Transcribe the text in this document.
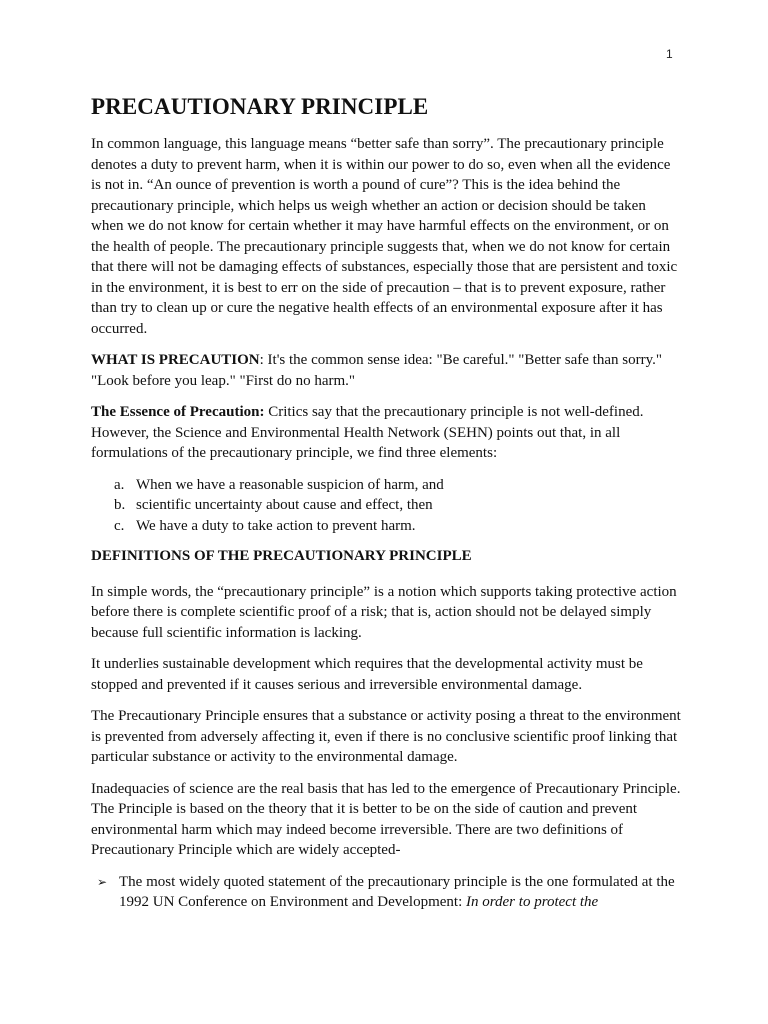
1
PRECAUTIONARY PRINCIPLE

In common language, this language means “better safe than sorry”. The precautionary principle denotes a duty to prevent harm, when it is within our power to do so, even when all the evidence is not in. “An ounce of prevention is worth a pound of cure”? This is the idea behind the precautionary principle, which helps us weigh whether an action or decision should be taken when we do not know for certain whether it may have harmful effects on the environment, or on the health of people. The precautionary principle suggests that, when we do not know for certain that there will not be damaging effects of substances, especially those that are persistent and toxic in the environment, it is best to err on the side of precaution – that is to prevent exposure, rather than try to clean up or cure the negative health effects of an environmental exposure after it has occurred.

WHAT IS PRECAUTION: It's the common sense idea: "Be careful." "Better safe than sorry." "Look before you leap." "First do no harm."

The Essence of Precaution: Critics say that the precautionary principle is not well-defined. However, the Science and Environmental Health Network (SEHN) points out that, in all formulations of the precautionary principle, we find three elements:

a. When we have a reasonable suspicion of harm, and
b. scientific uncertainty about cause and effect, then
c. We have a duty to take action to prevent harm.
DEFINITIONS OF THE PRECAUTIONARY PRINCIPLE

In simple words, the “precautionary principle” is a notion which supports taking protective action before there is complete scientific proof of a risk; that is, action should not be delayed simply because full scientific information is lacking.

It underlies sustainable development which requires that the developmental activity must be stopped and prevented if it causes serious and irreversible environmental damage.

The Precautionary Principle ensures that a substance or activity posing a threat to the environment is prevented from adversely affecting it, even if there is no conclusive scientific proof linking that particular substance or activity to the environmental damage.

Inadequacies of science are the real basis that has led to the emergence of Precautionary Principle. The Principle is based on the theory that it is better to be on the side of caution and prevent environmental harm which may indeed become irreversible. There are two definitions of Precautionary Principle which are widely accepted-

➢ The most widely quoted statement of the precautionary principle is the one formulated at the 1992 UN Conference on Environment and Development: In order to protect the
